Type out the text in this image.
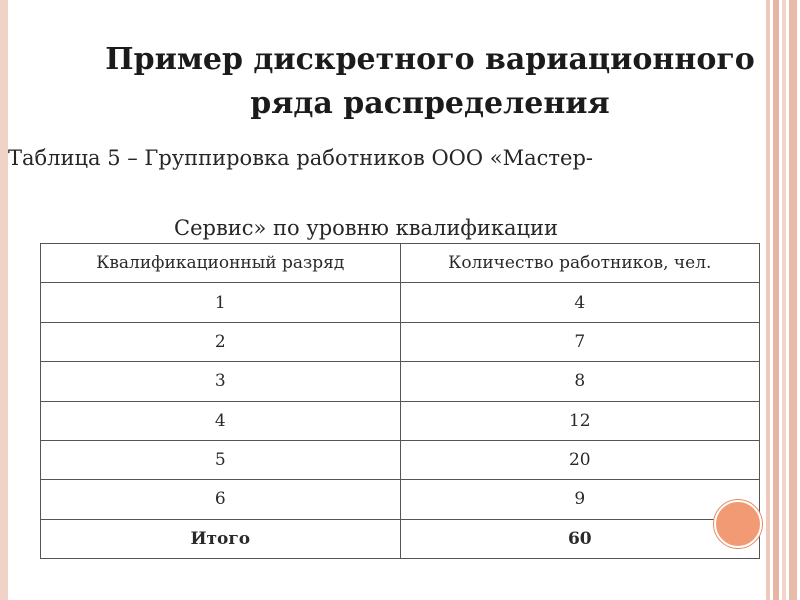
Пример дискретного вариационного
ряда распределения
Таблица 5 – Группировка работников ООО «Мастер-
Сервис» по уровню квалификации
Квалификационный разряд	Количество работников, чел.
1	4
2	7
3	8
4	12
5	20
6	9
Итого	60
